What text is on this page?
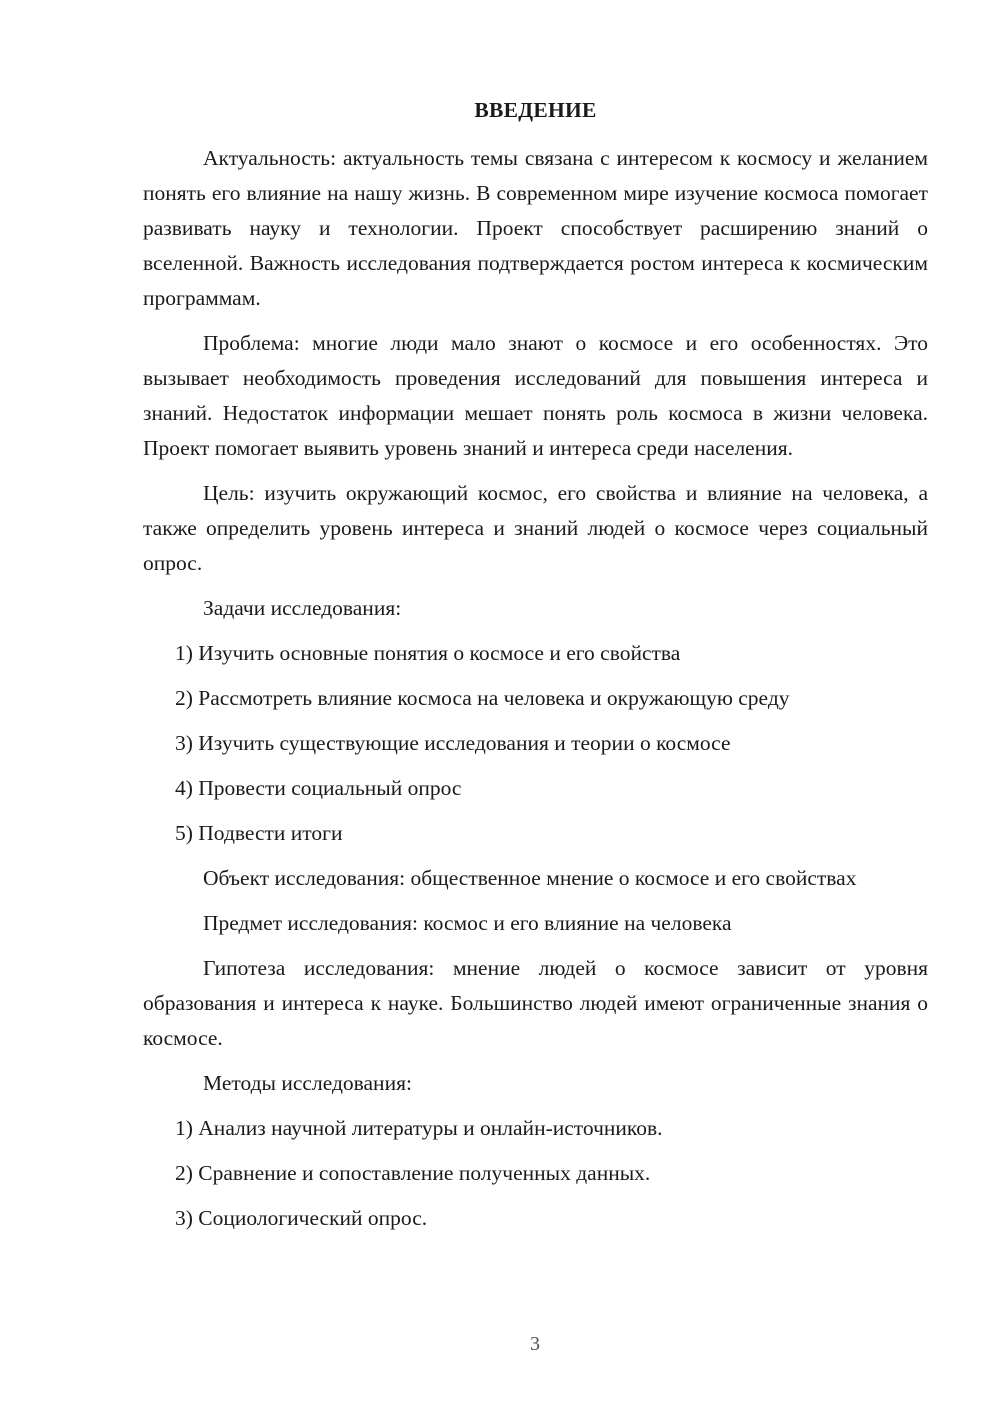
ВВЕДЕНИЕ

Актуальность: актуальность темы связана с интересом к космосу и желанием понять его влияние на нашу жизнь. В современном мире изучение космоса помогает развивать науку и технологии. Проект способствует расширению знаний о вселенной. Важность исследования подтверждается ростом интереса к космическим программам.

Проблема: многие люди мало знают о космосе и его особенностях. Это вызывает необходимость проведения исследований для повышения интереса и знаний. Недостаток информации мешает понять роль космоса в жизни человека. Проект помогает выявить уровень знаний и интереса среди населения.

Цель: изучить окружающий космос, его свойства и влияние на человека, а также определить уровень интереса и знаний людей о космосе через социальный опрос.

Задачи исследования:

1) Изучить основные понятия о космосе и его свойства
2) Рассмотреть влияние космоса на человека и окружающую среду
3) Изучить существующие исследования и теории о космосе
4) Провести социальный опрос
5) Подвести итоги

Объект исследования: общественное мнение о космосе и его свойствах

Предмет исследования: космос и его влияние на человека

Гипотеза исследования: мнение людей о космосе зависит от уровня образования и интереса к науке. Большинство людей имеют ограниченные знания о космосе.

Методы исследования:

1) Анализ научной литературы и онлайн-источников.
2) Сравнение и сопоставление полученных данных.
3) Социологический опрос.
3
